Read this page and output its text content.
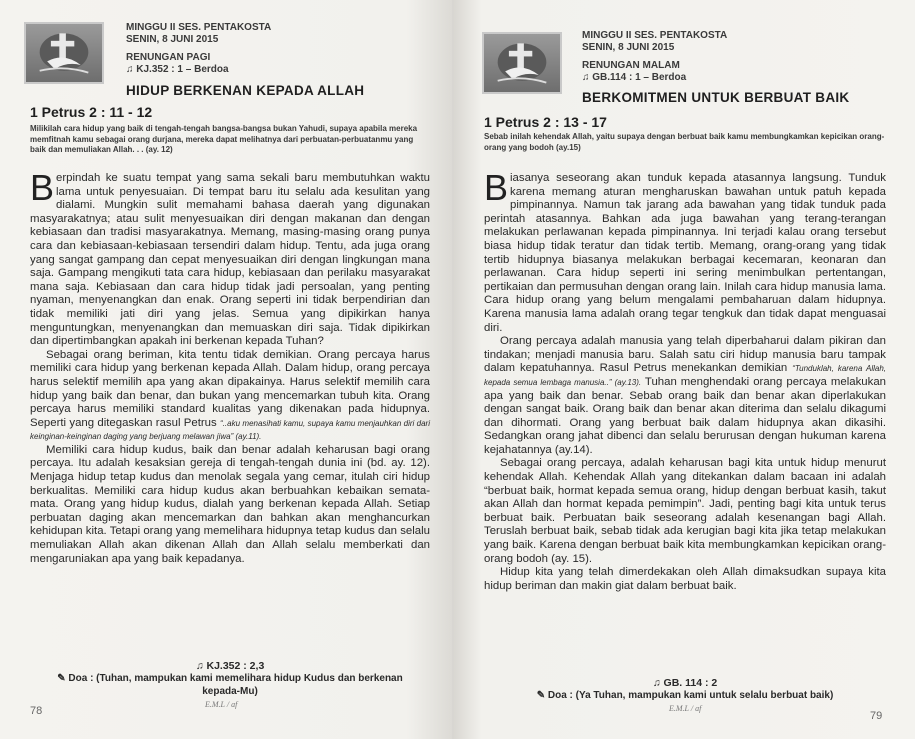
MINGGU II SES. PENTAKOSTA
SENIN, 8 JUNI 2015
RENUNGAN PAGI
♫ KJ.352 : 1 – Berdoa
HIDUP BERKENAN KEPADA ALLAH
1 Petrus 2 : 11 - 12
Milikilah cara hidup yang baik di tengah-tengah bangsa-bangsa bukan Yahudi, supaya apabila mereka memfitnah kamu sebagai orang durjana, mereka dapat melihatnya dari perbuatan-perbuatanmu yang baik dan memuliakan Allah. . . (ay. 12)

Berpindah ke suatu tempat yang sama sekali baru membutuhkan waktu lama untuk penyesuaian. Di tempat baru itu selalu ada kesulitan yang dialami. Mungkin sulit memahami bahasa daerah yang digunakan masyarakatnya; atau sulit menyesuaikan diri dengan makanan dan dengan kebiasaan dan tradisi masyarakatnya. Memang, masing-masing orang punya cara dan kebiasaan-kebiasaan tersendiri dalam hidup. Tentu, ada juga orang yang sangat gampang dan cepat menyesuaikan diri dengan lingkungan mana saja. Gampang mengikuti tata cara hidup, kebiasaan dan perilaku masyarakat mana saja. Kebiasaan dan cara hidup tidak jadi persoalan, yang penting nyaman, menyenangkan dan enak. Orang seperti ini tidak berpendirian dan tidak memiliki jati diri yang jelas. Semua yang dipikirkan hanya menguntungkan, menyenangkan dan memuaskan diri saja. Tidak dipikirkan dan dipertimbangkan apakah ini berkenan kepada Tuhan?

Sebagai orang beriman, kita tentu tidak demikian. Orang percaya harus memiliki cara hidup yang berkenan kepada Allah. Dalam hidup, orang percaya harus selektif memilih apa yang akan dipakainya. Harus selektif memilih cara hidup yang baik dan benar, dan bukan yang mencemarkan tubuh kita. Orang percaya harus memiliki standard kualitas yang dikenakan pada hidupnya. Seperti yang ditegaskan rasul Petrus “..aku menasihati kamu, supaya kamu menjauhkan diri dari keinginan-keinginan daging yang berjuang melawan jiwa” (ay.11).

Memiliki cara hidup kudus, baik dan benar adalah keharusan bagi orang percaya. Itu adalah kesaksian gereja di tengah-tengah dunia ini (bd. ay. 12). Menjaga hidup tetap kudus dan menolak segala yang cemar, itulah ciri hidup berkualitas. Memiliki cara hidup kudus akan berbuahkan kebaikan semata-mata. Orang yang hidup kudus, dialah yang berkenan kepada Allah. Setiap perbuatan daging akan mencemarkan dan bahkan akan menghancurkan kehidupan kita. Tetapi orang yang memelihara hidupnya tetap kudus dan selalu memuliakan Allah akan dikenan Allah dan Allah selalu memberkati dan mengaruniakan apa yang baik kepadanya.

♫ KJ.352 : 2,3
✎ Doa : (Tuhan, mampukan kami memelihara hidup Kudus dan berkenan kepada-Mu)
E.M.L / af
78
MINGGU II SES. PENTAKOSTA
SENIN, 8 JUNI 2015
RENUNGAN MALAM
♫ GB.114 : 1 – Berdoa
BERKOMITMEN UNTUK BERBUAT BAIK
1 Petrus 2 : 13 - 17
Sebab inilah kehendak Allah, yaitu supaya dengan berbuat baik kamu membungkamkan kepicikan orang-orang yang bodoh (ay.15)

Biasanya seseorang akan tunduk kepada atasannya langsung. Tunduk karena memang aturan mengharuskan bawahan untuk patuh kepada pimpinannya. Namun tak jarang ada bawahan yang tidak tunduk pada perintah atasannya. Bahkan ada juga bawahan yang terang-terangan melakukan perlawanan kepada pimpinannya. Ini terjadi kalau orang tersebut biasa hidup tidak teratur dan tidak tertib. Memang, orang-orang yang tidak tertib hidupnya biasanya melakukan berbagai kecemaran, keonaran dan perlawanan. Cara hidup seperti ini sering menimbulkan pertentangan, pertikaian dan permusuhan dengan orang lain. Inilah cara hidup manusia lama. Cara hidup orang yang belum mengalami pembaharuan dalam hidupnya. Karena manusia lama adalah orang tegar tengkuk dan tidak dapat menguasai diri.

Orang percaya adalah manusia yang telah diperbaharui dalam pikiran dan tindakan; menjadi manusia baru. Salah satu ciri hidup manusia baru tampak dalam kepatuhannya. Rasul Petrus menekankan demikian “Tunduklah, karena Allah, kepada semua lembaga manusia..” (ay.13). Tuhan menghendaki orang percaya melakukan apa yang baik dan benar. Sebab orang baik dan benar akan diperlakukan dengan sangat baik. Orang baik dan benar akan diterima dan selalu dikagumi dan dihormati. Orang yang berbuat baik dalam hidupnya akan dikasihi. Sedangkan orang jahat dibenci dan selalu berurusan dengan hukuman karena kejahatannya (ay.14).

Sebagai orang percaya, adalah keharusan bagi kita untuk hidup menurut kehendak Allah. Kehendak Allah yang ditekankan dalam bacaan ini adalah “berbuat baik, hormat kepada semua orang, hidup dengan berbuat kasih, takut akan Allah dan hormat kepada pemimpin”. Jadi, penting bagi kita untuk terus berbuat baik. Perbuatan baik seseorang adalah kesenangan bagi Allah. Teruslah berbuat baik, sebab tidak ada kerugian bagi kita jika tetap melakukan yang baik. Karena dengan berbuat baik kita membungkamkan kepicikan orang-orang bodoh (ay. 15).

Hidup kita yang telah dimerdekakan oleh Allah dimaksudkan supaya kita hidup beriman dan makin giat dalam berbuat baik.

♫ GB. 114 : 2
✎ Doa : (Ya Tuhan, mampukan kami untuk selalu berbuat baik)
E.M.L / af
79
